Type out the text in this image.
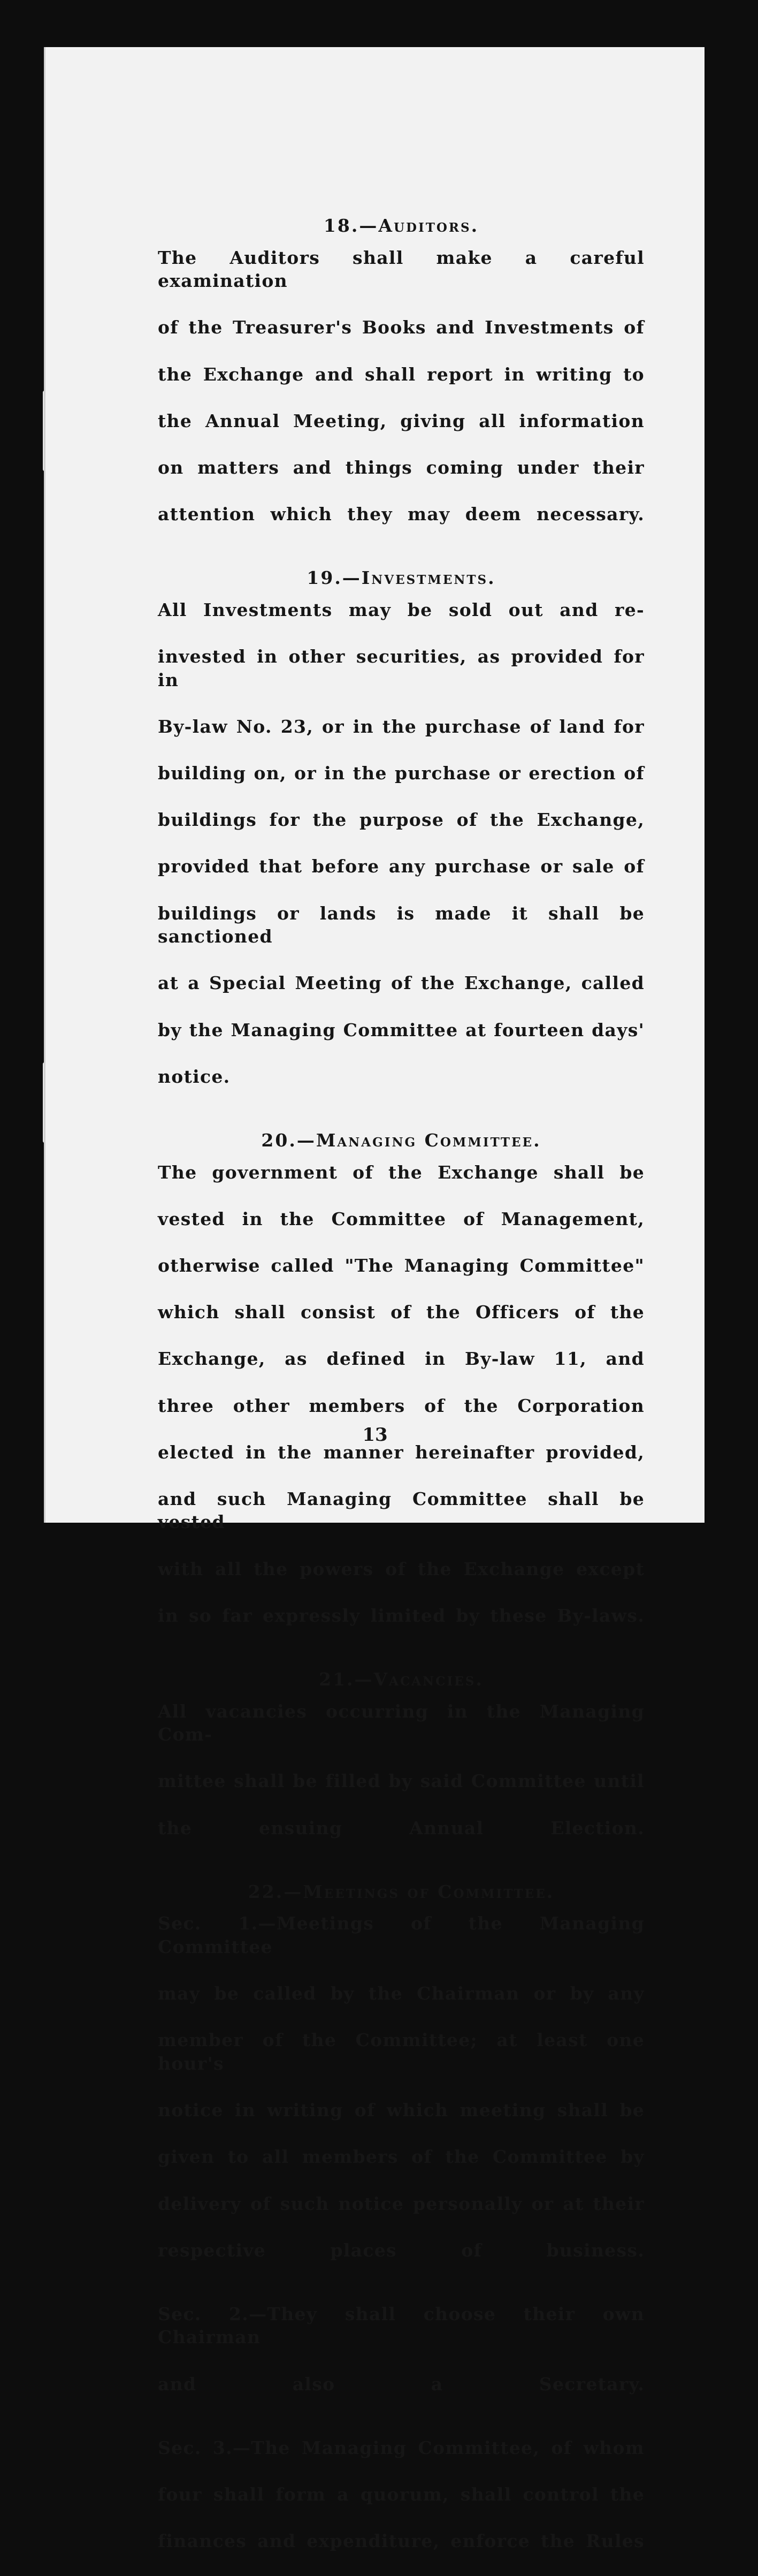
18.—Auditors.
The Auditors shall make a careful examination
of the Treasurer's Books and Investments of
the Exchange and shall report in writing to
the Annual Meeting, giving all information
on matters and things coming under their
attention which they may deem necessary.
19.—Investments.
All Investments may be sold out and re-
invested in other securities, as provided for in
By-law No. 23, or in the purchase of land for
building on, or in the purchase or erection of
buildings for the purpose of the Exchange,
provided that before any purchase or sale of
buildings or lands is made it shall be sanctioned
at a Special Meeting of the Exchange, called
by the Managing Committee at fourteen days'
notice.
20.—Managing Committee.
The government of the Exchange shall be
vested in the Committee of Management,
otherwise called "The Managing Committee"
which shall consist of the Officers of the
Exchange, as defined in By-law 11, and
three other members of the Corporation
elected in the manner hereinafter provided,
and such Managing Committee shall be vested
with all the powers of the Exchange except
in so far expressly limited by these By-laws.
21.—Vacancies.
All vacancies occurring in the Managing Com-
mittee shall be filled by said Committee until
the ensuing Annual Election.
22.—Meetings of Committee.
Sec. 1.—Meetings of the Managing Committee
may be called by the Chairman or by any
member of the Committee; at least one hour's
notice in writing of which meeting shall be
given to all members of the Committee by
delivery of such notice personally or at their
respective places of business.
Sec. 2.—They shall choose their own Chairman
and also a Secretary.
Sec. 3.—The Managing Committee, of whom
four shall form a quorum, shall control the
finances and expenditure, enforce the Rules
13
